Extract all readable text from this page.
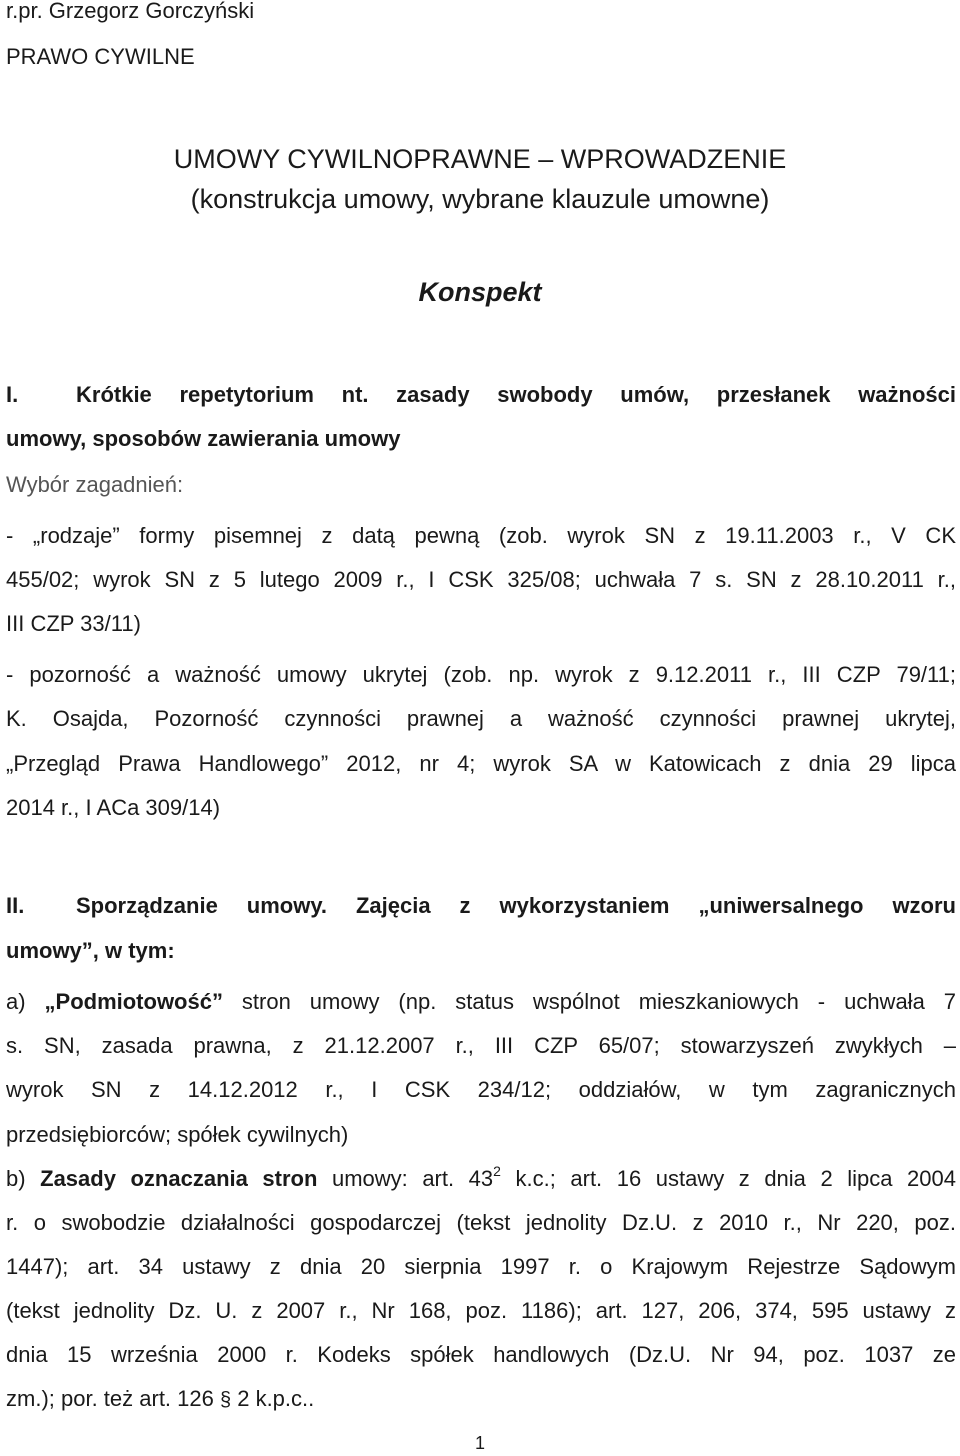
r.pr. Grzegorz Gorczyński
PRAWO CYWILNE
UMOWY CYWILNOPRAWNE – WPROWADZENIE
(konstrukcja umowy, wybrane klauzule umowne)
Konspekt
I.	Krótkie repetytorium nt. zasady swobody umów, przesłanek ważności
umowy, sposobów zawierania umowy
Wybór zagadnień:
- „rodzaje” formy pisemnej z datą pewną (zob. wyrok SN z 19.11.2003 r., V CK
455/02; wyrok SN z 5 lutego 2009 r., I CSK 325/08; uchwała 7 s. SN z 28.10.2011 r.,
III CZP 33/11)
- pozorność a ważność umowy ukrytej (zob. np. wyrok z 9.12.2011 r., III CZP 79/11;
K. Osajda, Pozorność czynności prawnej a ważność czynności prawnej ukrytej,
„Przegląd Prawa Handlowego” 2012, nr 4; wyrok SA w Katowicach z dnia 29 lipca
2014 r., I ACa 309/14)
II. Sporządzanie umowy. Zajęcia z wykorzystaniem „uniwersalnego wzoru
umowy”, w tym:
a) „Podmiotowość” stron umowy (np. status wspólnot mieszkaniowych - uchwała 7
s. SN, zasada prawna, z 21.12.2007 r., III CZP 65/07; stowarzyszeń zwykłych –
wyrok SN z 14.12.2012 r., I CSK 234/12; oddziałów, w tym zagranicznych
przedsiębiorców; spółek cywilnych)
b) Zasady oznaczania stron umowy: art. $43^2$ k.c.; art. 16 ustawy z dnia 2 lipca 2004
r. o swobodzie działalności gospodarczej (tekst jednolity Dz.U. z 2010 r., Nr 220, poz.
1447); art. 34 ustawy z dnia 20 sierpnia 1997 r. o Krajowym Rejestrze Sądowym
(tekst jednolity Dz. U. z 2007 r., Nr 168, poz. 1186); art. 127, 206, 374, 595 ustawy z
dnia 15 września 2000 r. Kodeks spółek handlowych (Dz.U. Nr 94, poz. 1037 ze
zm.); por. też art. 126 § 2 k.p.c..
1
